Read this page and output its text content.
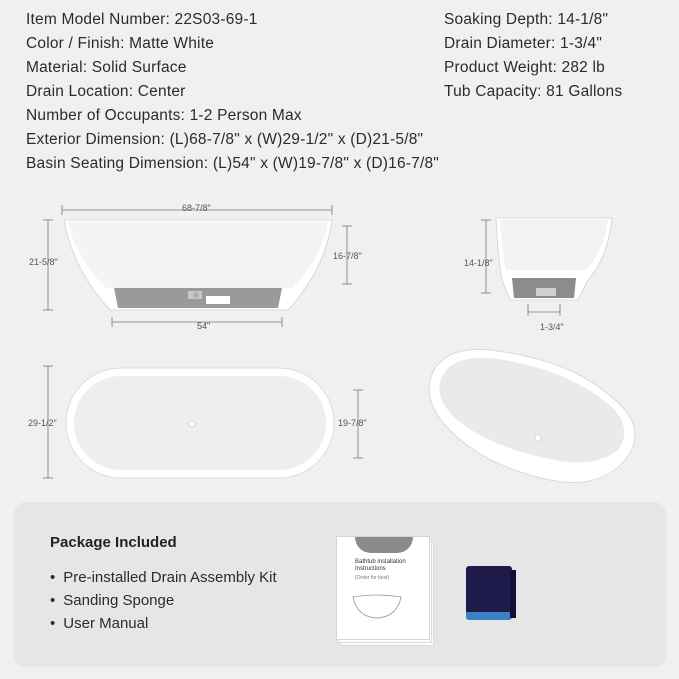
Item Model Number: 22S03-69-1
Color / Finish: Matte White
Material: Solid Surface
Drain Location: Center
Soaking Depth: 14-1/8"
Drain Diameter: 1-3/4"
Product Weight: 282 lb
Tub Capacity: 81 Gallons
Number of Occupants: 1-2 Person Max
Exterior Dimension: (L)68-7/8" x (W)29-1/2" x (D)21-5/8"
Basin Seating Dimension: (L)54" x (W)19-7/8" x (D)16-7/8"
68-7/8"
21-5/8"
16-7/8"
54"
14-1/8"
1-3/4"
29-1/2"	19-7/8"
Package Included
• Pre-installed Drain Assembly Kit
• Sanding Sponge
• User Manual
Bathtub installation Instructions
(Order for best)
